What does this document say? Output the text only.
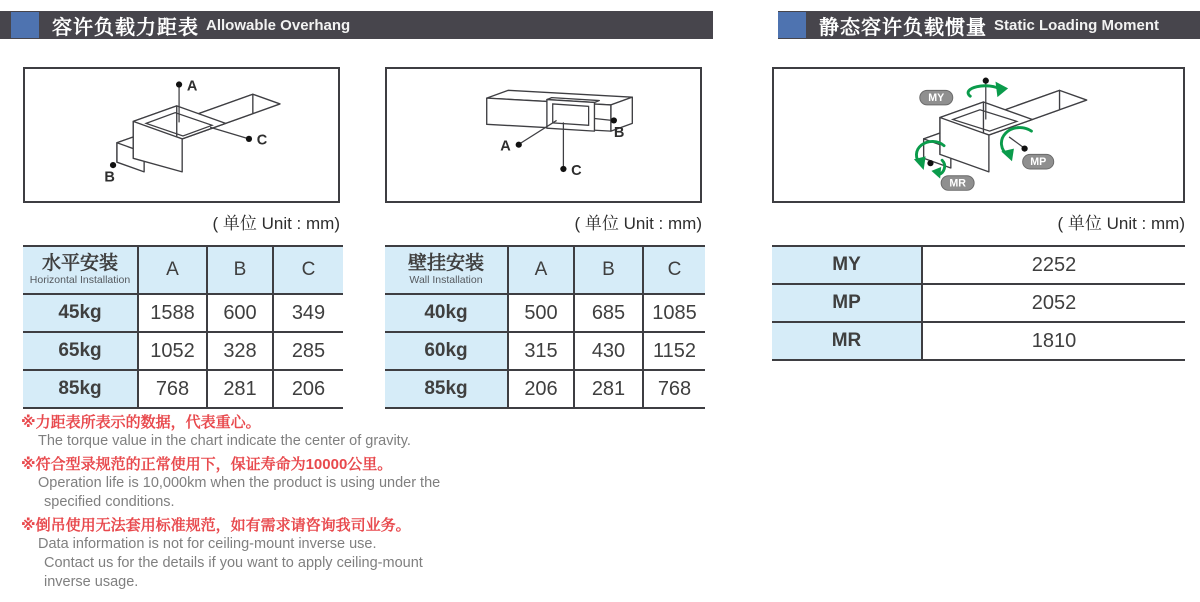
容许负载力距表 Allowable Overhang	静态容许负载惯量 Static Loading Moment
A
C
B
( 单位 Unit : mm)
A
B
C
( 单位 Unit : mm)
MY
MP
MR
( 单位 Unit : mm)
水平安装
Horizontal Installation	A	B	C
45kg	1588	600	349
65kg	1052	328	285
85kg	768	281	206
壁挂安装
Wall Installation	A	B	C
40kg	500	685	1085
60kg	315	430	1152
85kg	206	281	768
MY	2252
MP	2052
MR	1810
※力距表所表示的数据，代表重心。
The torque value in the chart indicate the center of gravity.
※符合型录规范的正常使用下，保证寿命为10000公里。
Operation life is 10,000km when the product is using under the
specified conditions.
※倒吊使用无法套用标准规范，如有需求请咨询我司业务。
Data information is not for ceiling-mount inverse use.
Contact us for the details if you want to apply ceiling-mount
inverse usage.
